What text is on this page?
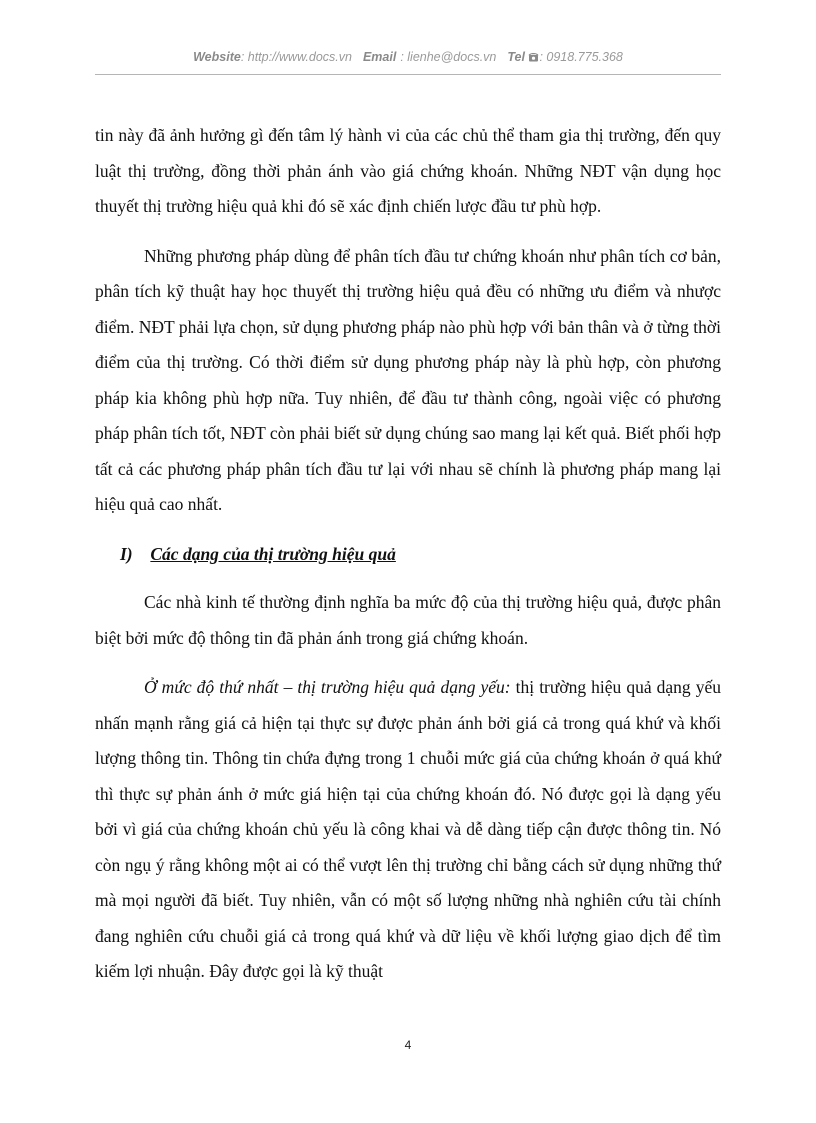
Website: http://www.docs.vn Email : lienhe@docs.vn Tel : 0918.775.368

tin này đã ảnh hưởng gì đến tâm lý hành vi của các chủ thể tham gia thị trường, đến quy luật thị trường, đồng thời phản ánh vào giá chứng khoán. Những NĐT vận dụng học thuyết thị trường hiệu quả khi đó sẽ xác định chiến lược đầu tư phù hợp.

Những phương pháp dùng để phân tích đầu tư chứng khoán như phân tích cơ bản, phân tích kỹ thuật hay học thuyết thị trường hiệu quả đều có những ưu điểm và nhược điểm. NĐT phải lựa chọn, sử dụng phương pháp nào phù hợp với bản thân và ở từng thời điểm của thị trường. Có thời điểm sử dụng phương pháp này là phù hợp, còn phương pháp kia không phù hợp nữa. Tuy nhiên, để đầu tư thành công, ngoài việc có phương pháp phân tích tốt, NĐT còn phải biết sử dụng chúng sao mang lại kết quả. Biết phối hợp tất cả các phương pháp phân tích đầu tư lại với nhau sẽ chính là phương pháp mang lại hiệu quả cao nhất.

I) Các dạng của thị trường hiệu quả

Các nhà kinh tế thường định nghĩa ba mức độ của thị trường hiệu quả, được phân biệt bởi mức độ thông tin đã phản ánh trong giá chứng khoán.

Ở mức độ thứ nhất – thị trường hiệu quả dạng yếu: thị trường hiệu quả dạng yếu nhấn mạnh rằng giá cả hiện tại thực sự được phản ánh bởi giá cả trong quá khứ và khối lượng thông tin. Thông tin chứa đựng trong 1 chuỗi mức giá của chứng khoán ở quá khứ thì thực sự phản ánh ở mức giá hiện tại của chứng khoán đó. Nó được gọi là dạng yếu bởi vì giá của chứng khoán chủ yếu là công khai và dễ dàng tiếp cận được thông tin. Nó còn ngụ ý rằng không một ai có thể vượt lên thị trường chỉ bằng cách sử dụng những thứ mà mọi người đã biết. Tuy nhiên, vẫn có một số lượng những nhà nghiên cứu tài chính đang nghiên cứu chuỗi giá cả trong quá khứ và dữ liệu về khối lượng giao dịch để tìm kiếm lợi nhuận. Đây được gọi là kỹ thuật

4
